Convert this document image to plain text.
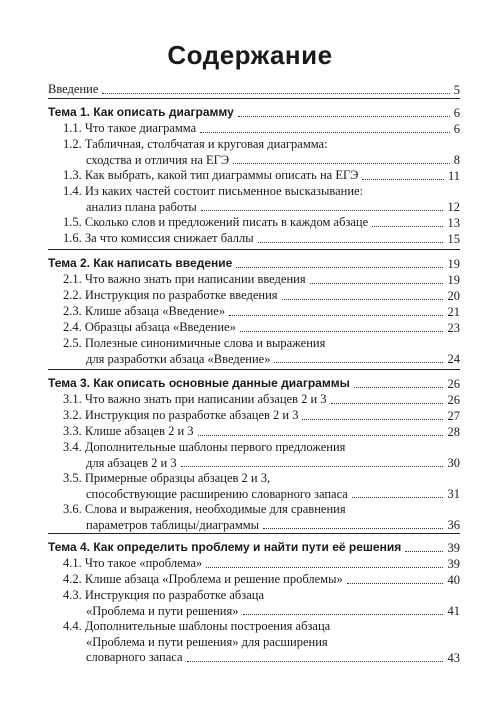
Содержание
Введение	5
Тема 1. Как описать диаграмму	6
1.1. Что такое диаграмма	6
1.2. Табличная, столбчатая и круговая диаграмма:
сходства и отличия на ЕГЭ	8
1.3. Как выбрать, какой тип диаграммы описать на ЕГЭ	11
1.4. Из каких частей состоит письменное высказывание:
анализ плана работы	12
1.5. Сколько слов и предложений писать в каждом абзаце	13
1.6. За что комиссия снижает баллы	15
Тема 2. Как написать введение	19
2.1. Что важно знать при написании введения	19
2.2. Инструкция по разработке введения	20
2.3. Клише абзаца «Введение»	21
2.4. Образцы абзаца «Введение»	23
2.5. Полезные синонимичные слова и выражения
для разработки абзаца «Введение»	24
Тема 3. Как описать основные данные диаграммы	26
3.1. Что важно знать при написании абзацев 2 и 3	26
3.2. Инструкция по разработке абзацев 2 и 3	27
3.3. Клише абзацев 2 и 3	28
3.4. Дополнительные шаблоны первого предложения
для абзацев 2 и 3	30
3.5. Примерные образцы абзацев 2 и 3,
способствующие расширению словарного запаса	31
3.6. Слова и выражения, необходимые для сравнения
параметров таблицы/диаграммы	36
Тема 4. Как определить проблему и найти пути её решения	39
4.1. Что такое «проблема»	39
4.2. Клише абзаца «Проблема и решение проблемы»	40
4.3. Инструкция по разработке абзаца
«Проблема и пути решения»	41
4.4. Дополнительные шаблоны построения абзаца
«Проблема и пути решения» для расширения
словарного запаса	43
